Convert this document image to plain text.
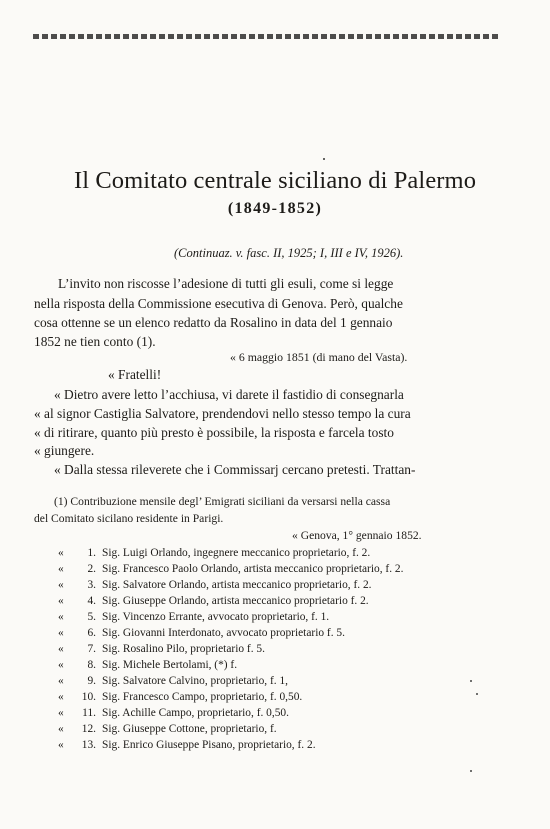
Il Comitato centrale siciliano di Palermo
(1849-1852)
(Continuaz. v. fasc. II, 1925; I, III e IV, 1926).
L’invito non riscosse l’adesione di tutti gli esuli, come si legge
nella risposta della Commissione esecutiva di Genova. Però, qualche
cosa ottenne se un elenco redatto da Rosalino in data del 1 gennaio
1852 ne tien conto (1).
« 6 maggio 1851 (di mano del Vasta).
« Fratelli!
« Dietro avere letto l’acchiusa, vi darete il fastidio di consegnarla
« al signor Castiglia Salvatore, prendendovi nello stesso tempo la cura
« di ritirare, quanto più presto è possibile, la risposta e farcela tosto
« giungere.
« Dalla stessa rileverete che i Commissarj cercano pretesti. Trattan-
(1) Contribuzione mensile degl’ Emigrati siciliani da versarsi nella cassa
del Comitato sicilano residente in Parigi.
« Genova, 1° gennaio 1852.
« 1. Sig. Luigi Orlando, ingegnere meccanico proprietario, f. 2.
« 2. Sig. Francesco Paolo Orlando, artista meccanico proprietario, f. 2.
« 3. Sig. Salvatore Orlando, artista meccanico proprietario, f. 2.
« 4. Sig. Giuseppe Orlando, artista meccanico proprietario f. 2.
« 5. Sig. Vincenzo Errante, avvocato proprietario, f. 1.
« 6. Sig. Giovanni Interdonato, avvocato proprietario f. 5.
« 7. Sig. Rosalino Pilo, proprietario f. 5.
« 8. Sig. Michele Bertolami, (*) f.
« 9. Sig. Salvatore Calvino, proprietario, f. 1,
« 10. Sig. Francesco Campo, proprietario, f. 0,50.
« 11. Sig. Achille Campo, proprietario, f. 0,50.
« 12. Sig. Giuseppe Cottone, proprietario, f.
« 13. Sig. Enrico Giuseppe Pisano, proprietario, f. 2.
